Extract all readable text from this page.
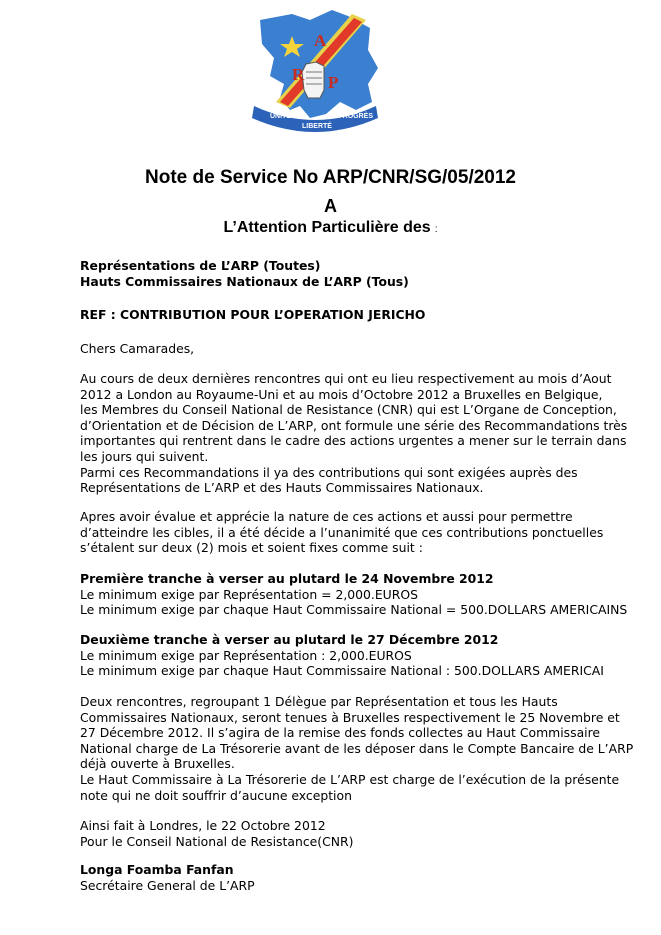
A
R P
UNITÉ
LIBERTÉ
PROGRÈS
Note de Service No ARP/CNR/SG/05/2012
A
L’Attention Particulière des :
Représentations de L’ARP (Toutes)
Hauts Commissaires Nationaux de L’ARP (Tous)
REF : CONTRIBUTION POUR L’OPERATION JERICHO
Chers Camarades,
Au cours de deux dernières rencontres qui ont eu lieu respectivement au mois d’Aout
2012 a London au Royaume-Uni et au mois d’Octobre 2012 a Bruxelles en Belgique,
les Membres du Conseil National de Resistance (CNR) qui est L’Organe de Conception,
d’Orientation et de Décision de L’ARP, ont formule une série des Recommandations très
importantes qui rentrent dans le cadre des actions urgentes a mener sur le terrain dans
les jours qui suivent.
Parmi ces Recommandations il ya des contributions qui sont exigées auprès des
Représentations de L’ARP et des Hauts Commissaires Nationaux.
Apres avoir évalue et apprécie la nature de ces actions et aussi pour permettre
d’atteindre les cibles, il a été décide a l’unanimité que ces contributions ponctuelles
s’étalent sur deux (2) mois et soient fixes comme suit :
Première tranche à verser au plutard le 24 Novembre 2012
Le minimum exige par Représentation = 2,000.EUROS
Le minimum exige par chaque Haut Commissaire National = 500.DOLLARS AMERICAINS
Deuxième tranche à verser au plutard le 27 Décembre 2012
Le minimum exige par Représentation : 2,000.EUROS
Le minimum exige par chaque Haut Commissaire National : 500.DOLLARS AMERICAI
Deux rencontres, regroupant 1 Délègue par Représentation et tous les Hauts
Commissaires Nationaux, seront tenues à Bruxelles respectivement le 25 Novembre et
27 Décembre 2012. Il s’agira de la remise des fonds collectes au Haut Commissaire
National charge de La Trésorerie avant de les déposer dans le Compte Bancaire de L’ARP
déjà ouverte à Bruxelles.
Le Haut Commissaire à La Trésorerie de L’ARP est charge de l’exécution de la présente
note qui ne doit souffrir d’aucune exception
Ainsi fait à Londres, le 22 Octobre 2012
Pour le Conseil National de Resistance(CNR)
Longa Foamba Fanfan
Secrétaire General de L’ARP
